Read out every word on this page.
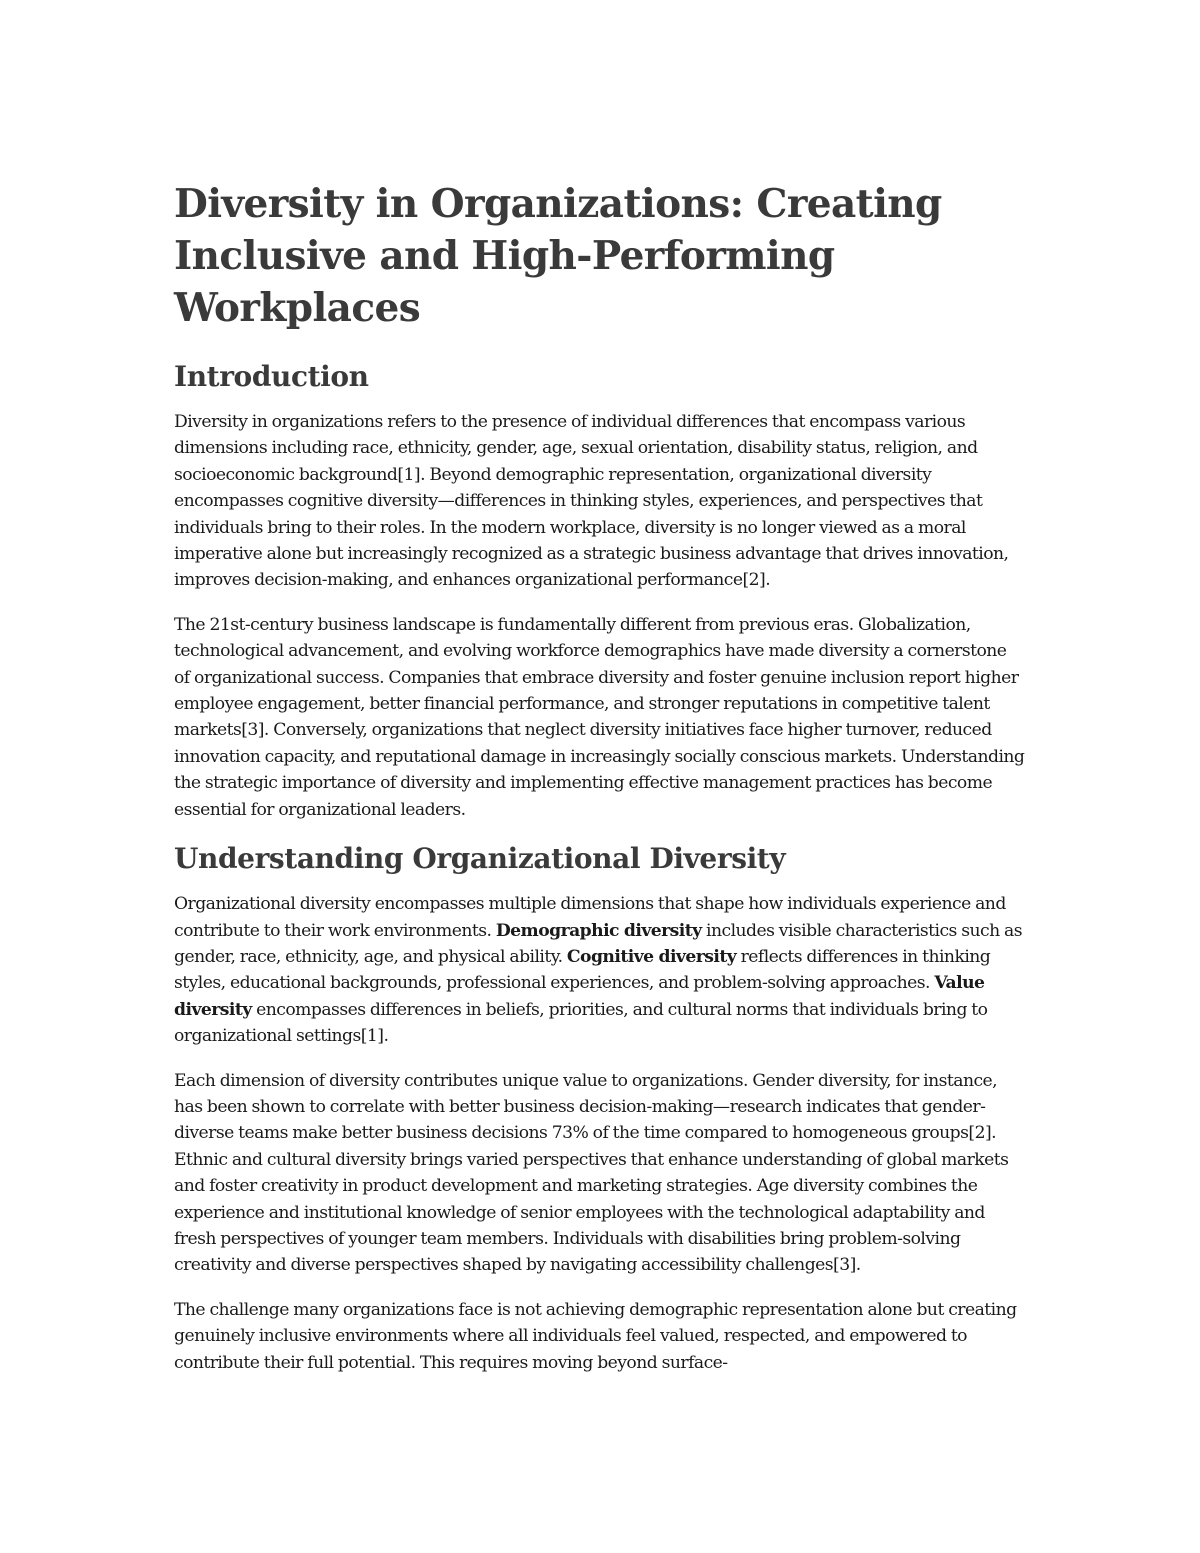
Diversity in Organizations: Creating Inclusive and High-Performing Workplaces
Introduction

Diversity in organizations refers to the presence of individual differences that encompass various dimensions including race, ethnicity, gender, age, sexual orientation, disability status, religion, and socioeconomic background[1]. Beyond demographic representation, organizational diversity encompasses cognitive diversity—differences in thinking styles, experiences, and perspectives that individuals bring to their roles. In the modern workplace, diversity is no longer viewed as a moral imperative alone but increasingly recognized as a strategic business advantage that drives innovation, improves decision-making, and enhances organizational performance[2].

The 21st-century business landscape is fundamentally different from previous eras. Globalization, technological advancement, and evolving workforce demographics have made diversity a cornerstone of organizational success. Companies that embrace diversity and foster genuine inclusion report higher employee engagement, better financial performance, and stronger reputations in competitive talent markets[3]. Conversely, organizations that neglect diversity initiatives face higher turnover, reduced innovation capacity, and reputational damage in increasingly socially conscious markets. Understanding the strategic importance of diversity and implementing effective management practices has become essential for organizational leaders.

Understanding Organizational Diversity

Organizational diversity encompasses multiple dimensions that shape how individuals experience and contribute to their work environments. Demographic diversity includes visible characteristics such as gender, race, ethnicity, age, and physical ability. Cognitive diversity reflects differences in thinking styles, educational backgrounds, professional experiences, and problem-solving approaches. Value diversity encompasses differences in beliefs, priorities, and cultural norms that individuals bring to organizational settings[1].

Each dimension of diversity contributes unique value to organizations. Gender diversity, for instance, has been shown to correlate with better business decision-making—research indicates that gender-diverse teams make better business decisions 73% of the time compared to homogeneous groups[2]. Ethnic and cultural diversity brings varied perspectives that enhance understanding of global markets and foster creativity in product development and marketing strategies. Age diversity combines the experience and institutional knowledge of senior employees with the technological adaptability and fresh perspectives of younger team members. Individuals with disabilities bring problem-solving creativity and diverse perspectives shaped by navigating accessibility challenges[3].

The challenge many organizations face is not achieving demographic representation alone but creating genuinely inclusive environments where all individuals feel valued, respected, and empowered to contribute their full potential. This requires moving beyond surface-
